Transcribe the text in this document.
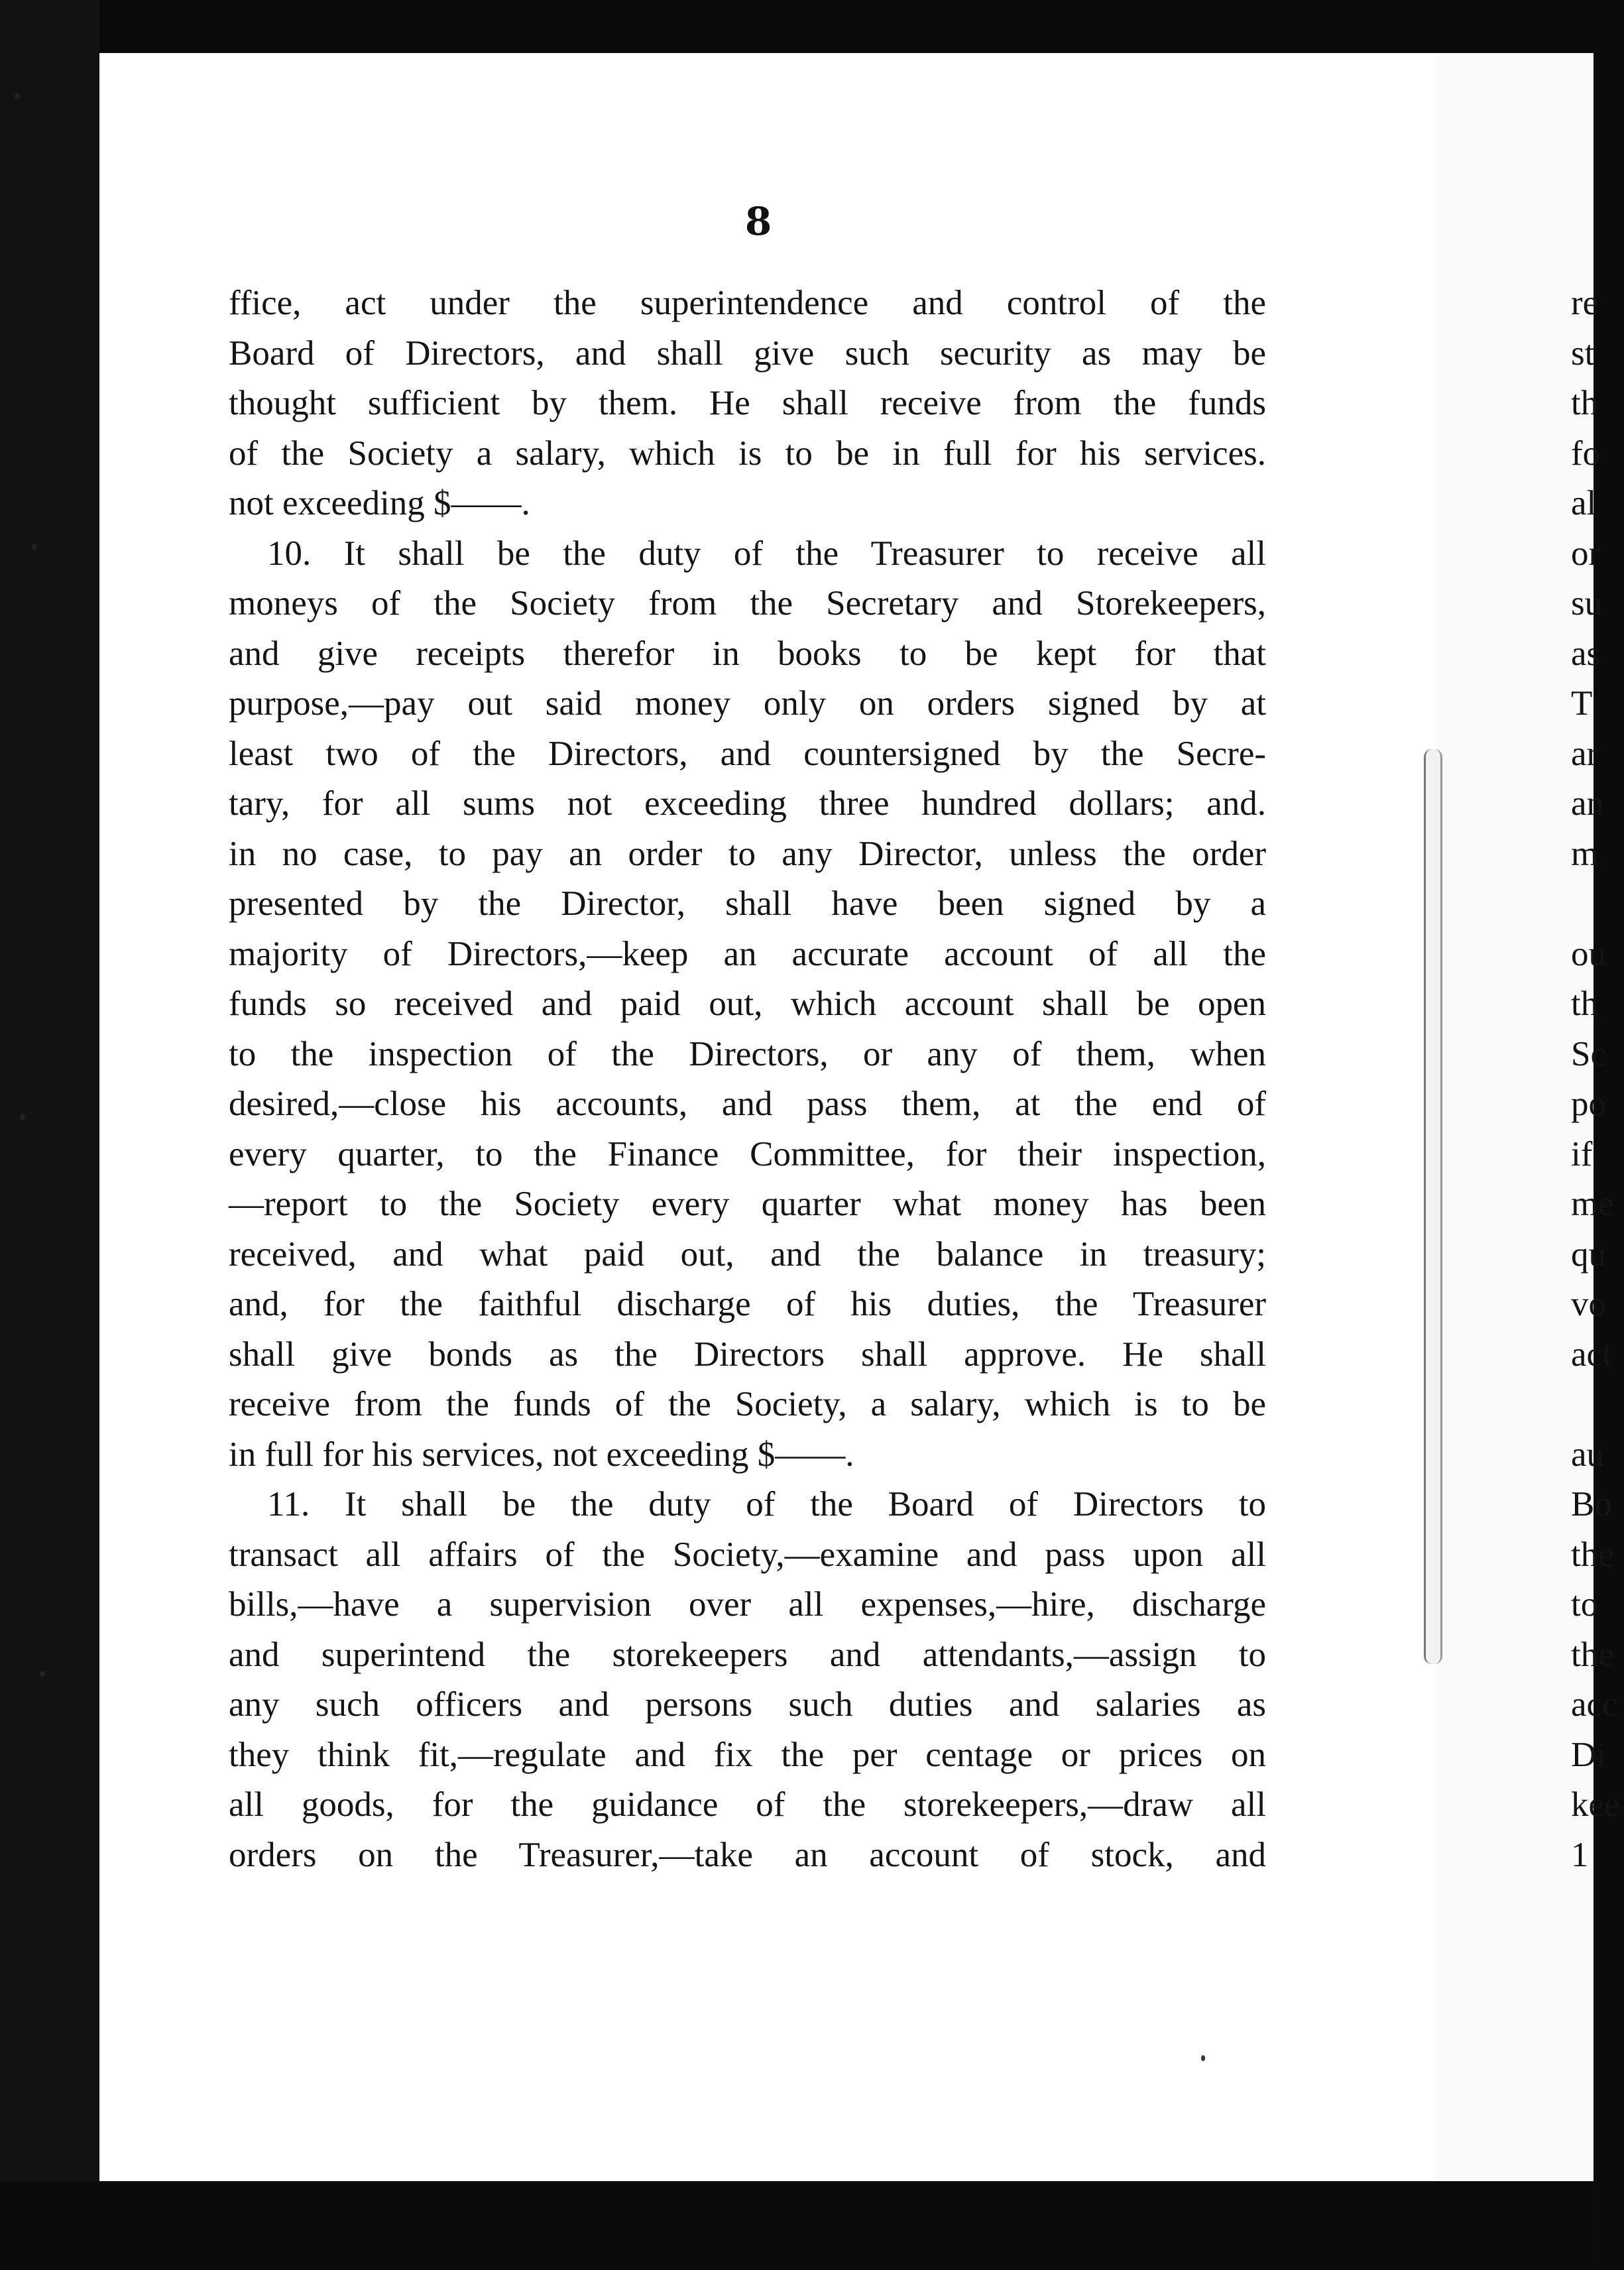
8
ffice, act under the superintendence and control of the
Board of Directors, and shall give such security as may be
thought sufficient by them. He shall receive from the funds
of the Society a salary, which is to be in full for his services.
not exceeding $——.
10. It shall be the duty of the Treasurer to receive all
moneys of the Society from the Secretary and Storekeepers,
and give receipts therefor in books to be kept for that
purpose,—pay out said money only on orders signed by at
least two of the Directors, and countersigned by the Secre-
tary, for all sums not exceeding three hundred dollars; and.
in no case, to pay an order to any Director, unless the order
presented by the Director, shall have been signed by a
majority of Directors,—keep an accurate account of all the
funds so received and paid out, which account shall be open
to the inspection of the Directors, or any of them, when
desired,—close his accounts, and pass them, at the end of
every quarter, to the Finance Committee, for their inspection,
—report to the Society every quarter what money has been
received, and what paid out, and the balance in treasury;
and, for the faithful discharge of his duties, the Treasurer
shall give bonds as the Directors shall approve. He shall
receive from the funds of the Society, a salary, which is to be
in full for his services, not exceeding $——.
11. It shall be the duty of the Board of Directors to
transact all affairs of the Society,—examine and pass upon all
bills,—have a supervision over all expenses,—hire, discharge
and superintend the storekeepers and attendants,—assign to
any such officers and persons such duties and salaries as
they think fit,—regulate and fix the per centage or prices on
all goods, for the guidance of the storekeepers,—draw all
orders on the Treasurer,—take an account of stock, and
re
st
th
fo
al
or
su
as
T
ar
an
m
ou
th
Sc
po
if
me
qu
vo
act
au
Bo
the
to
the
acc
Di
kee
1
